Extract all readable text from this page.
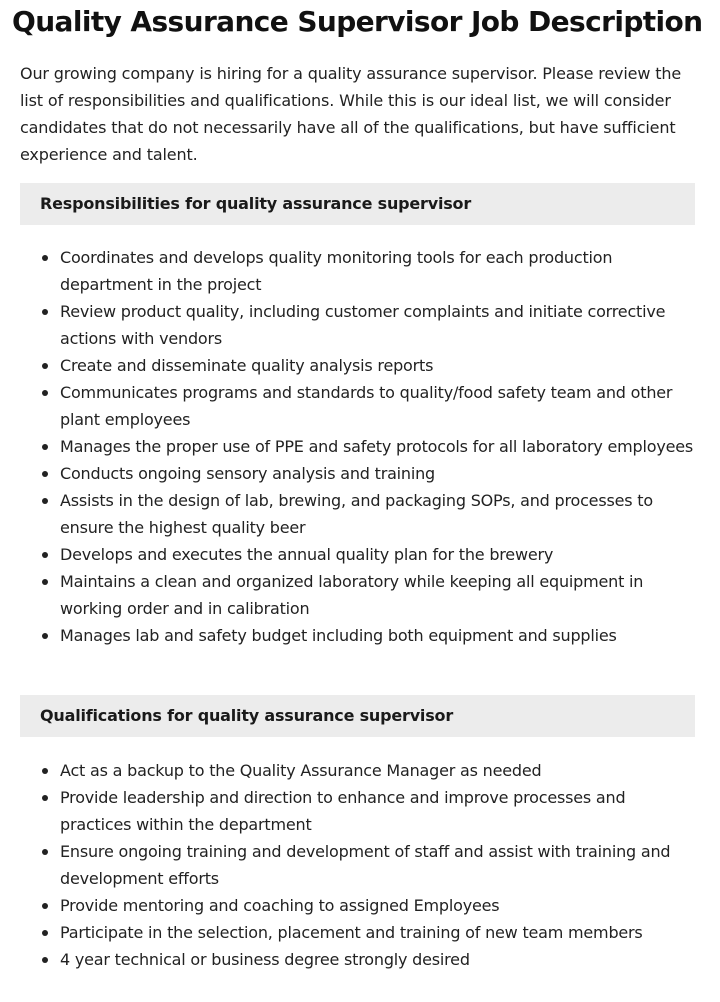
Quality Assurance Supervisor Job Description

Our growing company is hiring for a quality assurance supervisor. Please review the list of responsibilities and qualifications. While this is our ideal list, we will consider candidates that do not necessarily have all of the qualifications, but have sufficient experience and talent.

Responsibilities for quality assurance supervisor
Coordinates and develops quality monitoring tools for each production department in the project
Review product quality, including customer complaints and initiate corrective actions with vendors
Create and disseminate quality analysis reports
Communicates programs and standards to quality/food safety team and other plant employees
Manages the proper use of PPE and safety protocols for all laboratory employees
Conducts ongoing sensory analysis and training
Assists in the design of lab, brewing, and packaging SOPs, and processes to ensure the highest quality beer
Develops and executes the annual quality plan for the brewery
Maintains a clean and organized laboratory while keeping all equipment in working order and in calibration
Manages lab and safety budget including both equipment and supplies
Qualifications for quality assurance supervisor
Act as a backup to the Quality Assurance Manager as needed
Provide leadership and direction to enhance and improve processes and practices within the department
Ensure ongoing training and development of staff and assist with training and development efforts
Provide mentoring and coaching to assigned Employees
Participate in the selection, placement and training of new team members
4 year technical or business degree strongly desired
